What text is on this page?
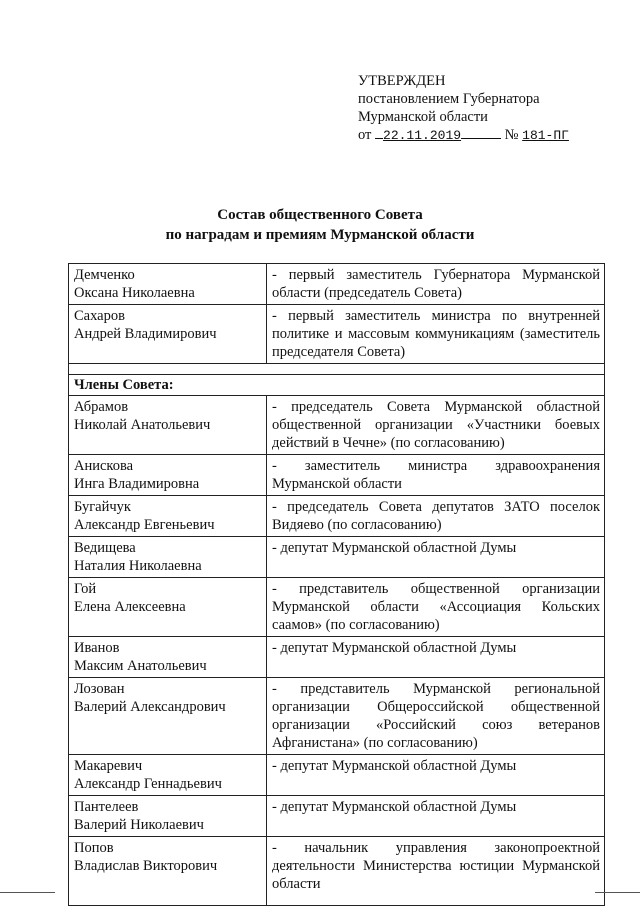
УТВЕРЖДЕН
постановлением Губернатора
Мурманской области
от 22.11.2019	№ 181-ПГ
Состав общественного Совета
по наградам и премиям Мурманской области
Демченко
Оксана Николаевна	- первый заместитель Губернатора Мурманской области (председатель Совета)

Сахаров
Андрей Владимирович	- первый заместитель министра по внутренней политике и массовым коммуникациям (заместитель председателя Совета)

Члены Совета:	

Абрамов
Николай Анатольевич	- председатель Совета Мурманской областной общественной организации «Участники боевых действий в Чечне» (по согласованию)

Анискова
Инга Владимировна	- заместитель министра здравоохранения Мурманской области

Бугайчук
Александр Евгеньевич	- председатель Совета депутатов ЗАТО поселок Видяево (по согласованию)

Ведищева
Наталия Николаевна	- депутат Мурманской областной Думы

Гой
Елена Алексеевна	- представитель общественной организации Мурманской области «Ассоциация Кольских саамов» (по согласованию)

Иванов
Максим Анатольевич	- депутат Мурманской областной Думы

Лозован
Валерий Александрович	- представитель Мурманской региональной организации Общероссийской общественной организации «Российский союз ветеранов Афганистана» (по согласованию)

Макаревич
Александр Геннадьевич	- депутат Мурманской областной Думы

Пантелеев
Валерий Николаевич	- депутат Мурманской областной Думы

Попов
Владислав Викторович	- начальник управления законопроектной деятельности Министерства юстиции Мурманской области
